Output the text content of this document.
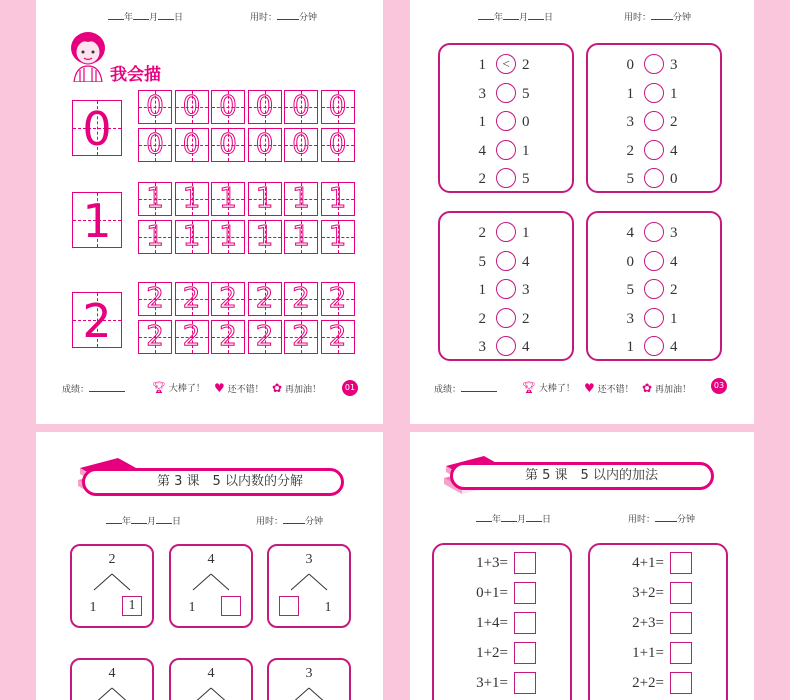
年 月 日	用时： 分钟
我会描
0	0 0 0 0 0 0
0 0 0 0 0 0
1	1 1 1 1 1 1
1 1 1 1 1 1
2	2 2 2 2 2 2
2 2 2 2 2 2
成绩：	🏆︎ 大棒了！ ♥ 还不错！ ✿ 再加油！	01
年 月 日	用时： 分钟
1	< 2
3 5
1 0
4 1
2 5
0 3
1 1
3 2
2 4
5 0
2 1
5 4
1 3
2 2
3 4
4 3
0 4
5 2
3 1
1 4
成绩：	🏆︎ 大棒了！ ♥ 还不错！ ✿ 再加油！	03
第 3 课　5 以内数的分解
年 月 日	用时： 分钟
2
1	1
4
1
3
1
4	4	3
第 5 课　5 以内的加法
年 月 日	用时： 分钟
1+3=
0+1=
1+4=
1+2=
3+1=
4+1=
3+2=
2+3=
1+1=
2+2=
